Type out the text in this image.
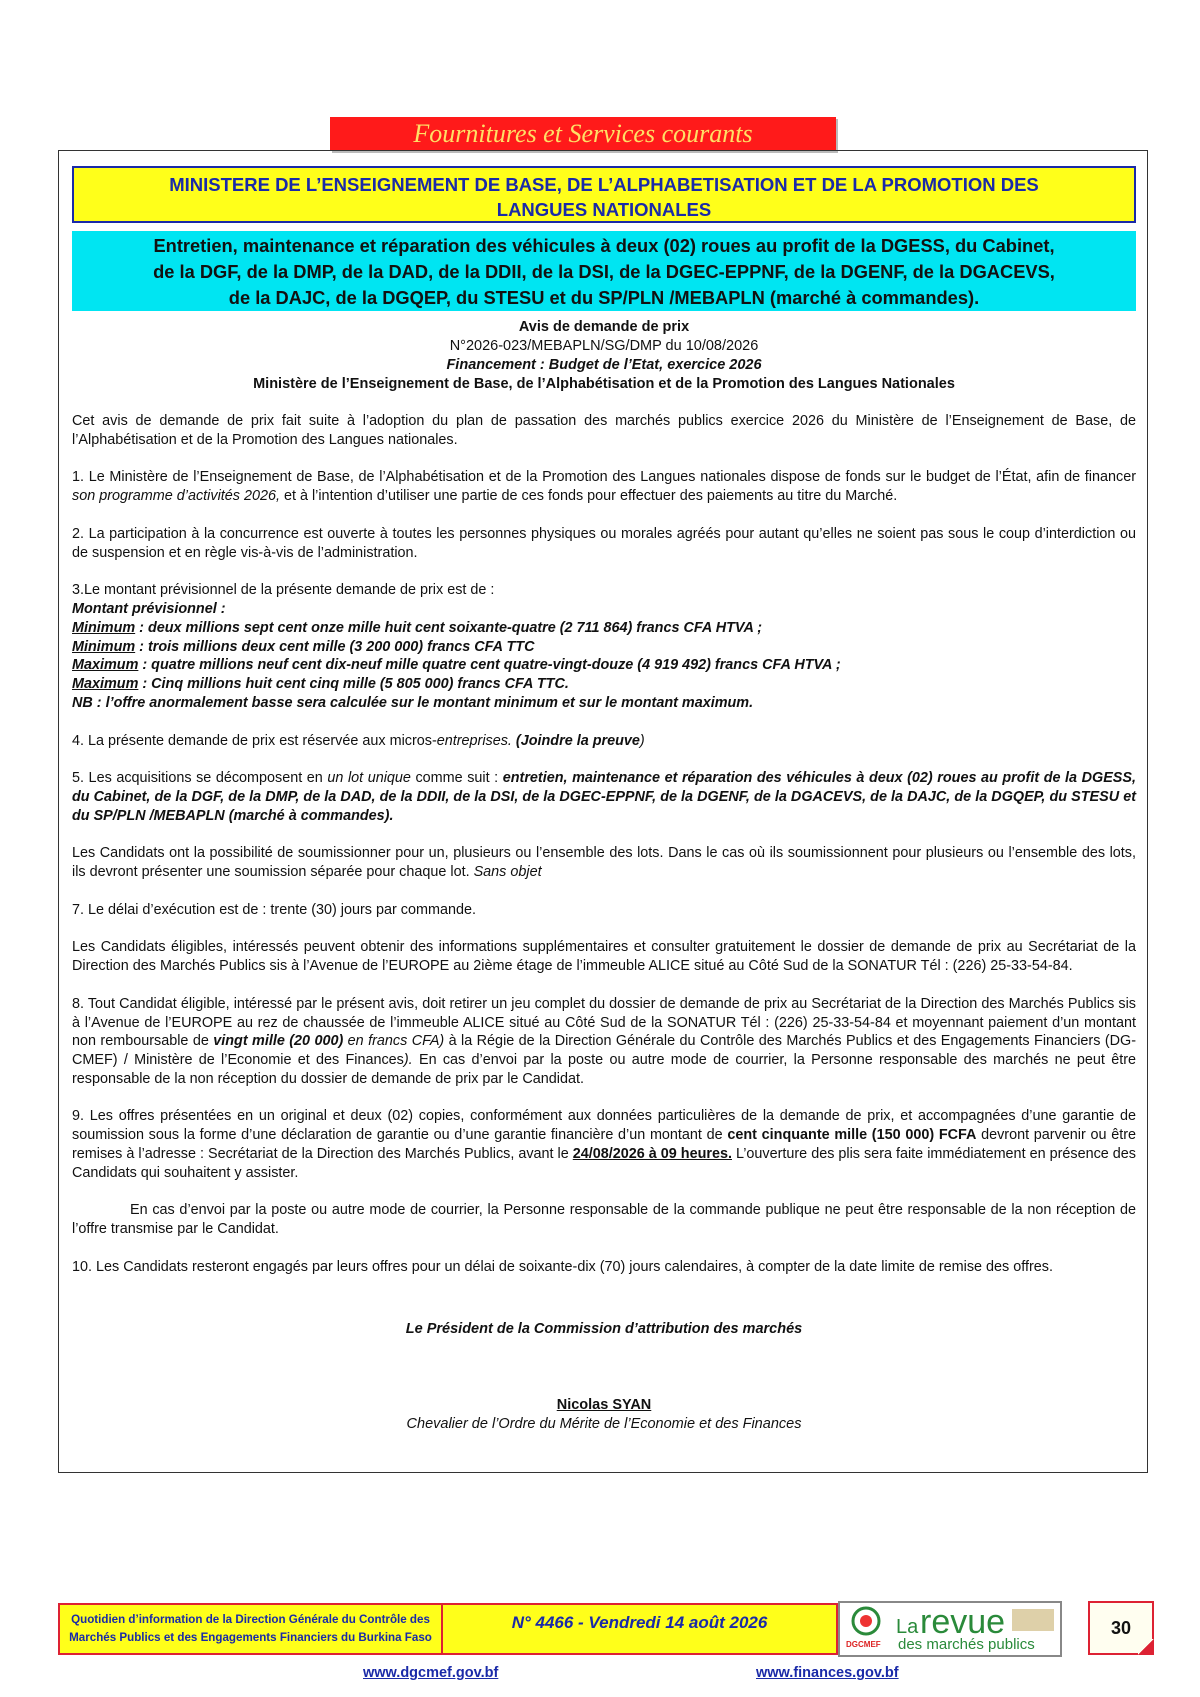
Fournitures et Services courants
MINISTERE DE L’ENSEIGNEMENT DE BASE, DE L’ALPHABETISATION ET DE LA PROMOTION DES
LANGUES NATIONALES
Entretien, maintenance et réparation des véhicules à deux (02) roues au profit de la DGESS, du Cabinet,
de la DGF, de la DMP, de la DAD, de la DDII, de la DSI, de la DGEC-EPPNF, de la DGENF, de la DGACEVS,
de la DAJC, de la DGQEP, du STESU et du SP/PLN /MEBAPLN (marché à commandes).
Avis de demande de prix
N°2026-023/MEBAPLN/SG/DMP du 10/08/2026
Financement : Budget de l’Etat, exercice 2026
Ministère de l’Enseignement de Base, de l’Alphabétisation et de la Promotion des Langues Nationales

Cet avis de demande de prix fait suite à l’adoption du plan de passation des marchés publics exercice 2026 du Ministère de l’Enseignement de Base, de l’Alphabétisation et de la Promotion des Langues nationales.

1. Le Ministère de l’Enseignement de Base, de l’Alphabétisation et de la Promotion des Langues nationales dispose de fonds sur le budget de l’État, afin de financer son programme d’activités 2026, et à l’intention d’utiliser une partie de ces fonds pour effectuer des paiements au titre du Marché.

2. La participation à la concurrence est ouverte à toutes les personnes physiques ou morales agréés pour autant qu’elles ne soient pas sous le coup d’interdiction ou de suspension et en règle vis-à-vis de l’administration.

3.Le montant prévisionnel de la présente demande de prix est de :

Montant prévisionnel :

Minimum : deux millions sept cent onze mille huit cent soixante-quatre (2 711 864) francs CFA HTVA ;

Minimum : trois millions deux cent mille (3 200 000) francs CFA TTC

Maximum : quatre millions neuf cent dix-neuf mille quatre cent quatre-vingt-douze (4 919 492) francs CFA HTVA ;

Maximum : Cinq millions huit cent cinq mille (5 805 000) francs CFA TTC.

NB : l’offre anormalement basse sera calculée sur le montant minimum et sur le montant maximum.

4. La présente demande de prix est réservée aux micros-entreprises. (Joindre la preuve)

5. Les acquisitions se décomposent en un lot unique comme suit : entretien, maintenance et réparation des véhicules à deux (02) roues au profit de la DGESS, du Cabinet, de la DGF, de la DMP, de la DAD, de la DDII, de la DSI, de la DGEC-EPPNF, de la DGENF, de la DGACEVS, de la DAJC, de la DGQEP, du STESU et du SP/PLN /MEBAPLN (marché à commandes).

Les Candidats ont la possibilité de soumissionner pour un, plusieurs ou l’ensemble des lots. Dans le cas où ils soumissionnent pour plusieurs ou l’ensemble des lots, ils devront présenter une soumission séparée pour chaque lot. Sans objet

7. Le délai d’exécution est de : trente (30) jours par commande.

Les Candidats éligibles, intéressés peuvent obtenir des informations supplémentaires et consulter gratuitement le dossier de demande de prix au Secrétariat de la Direction des Marchés Publics sis à l’Avenue de l’EUROPE au 2ième étage de l’immeuble ALICE situé au Côté Sud de la SONATUR Tél : (226) 25-33-54-84.

8. Tout Candidat éligible, intéressé par le présent avis, doit retirer un jeu complet du dossier de demande de prix au Secrétariat de la Direction des Marchés Publics sis à l’Avenue de l’EUROPE au rez de chaussée de l’immeuble ALICE situé au Côté Sud de la SONATUR Tél : (226) 25-33-54-84 et moyennant paiement d’un montant non remboursable de vingt mille (20 000) en francs CFA) à la Régie de la Direction Générale du Contrôle des Marchés Publics et des Engagements Financiers (DG-CMEF) / Ministère de l’Economie et des Finances). En cas d’envoi par la poste ou autre mode de courrier, la Personne responsable des marchés ne peut être responsable de la non réception du dossier de demande de prix par le Candidat.

9. Les offres présentées en un original et deux (02) copies, conformément aux données particulières de la demande de prix, et accompagnées d’une garantie de soumission sous la forme d’une déclaration de garantie ou d’une garantie financière d’un montant de cent cinquante mille (150 000) FCFA devront parvenir ou être remises à l’adresse : Secrétariat de la Direction des Marchés Publics, avant le 24/08/2026 à 09 heures. L’ouverture des plis sera faite immédiatement en présence des Candidats qui souhaitent y assister.

En cas d’envoi par la poste ou autre mode de courrier, la Personne responsable de la commande publique ne peut être responsable de la non réception de l’offre transmise par le Candidat.

10. Les Candidats resteront engagés par leurs offres pour un délai de soixante-dix (70) jours calendaires, à compter de la date limite de remise des offres.

Le Président de la Commission d’attribution des marchés
Nicolas SYAN
Chevalier de l’Ordre du Mérite de l’Economie et des Finances
Quotidien d’information de la Direction Générale du Contrôle des
Marchés Publics et des Engagements Financiers du Burkina Faso
N° 4466 - Vendredi 14 août 2026
DGCMEF
La revue
des marchés publics
30
www.dgcmef.gov.bf	www.finances.gov.bf
